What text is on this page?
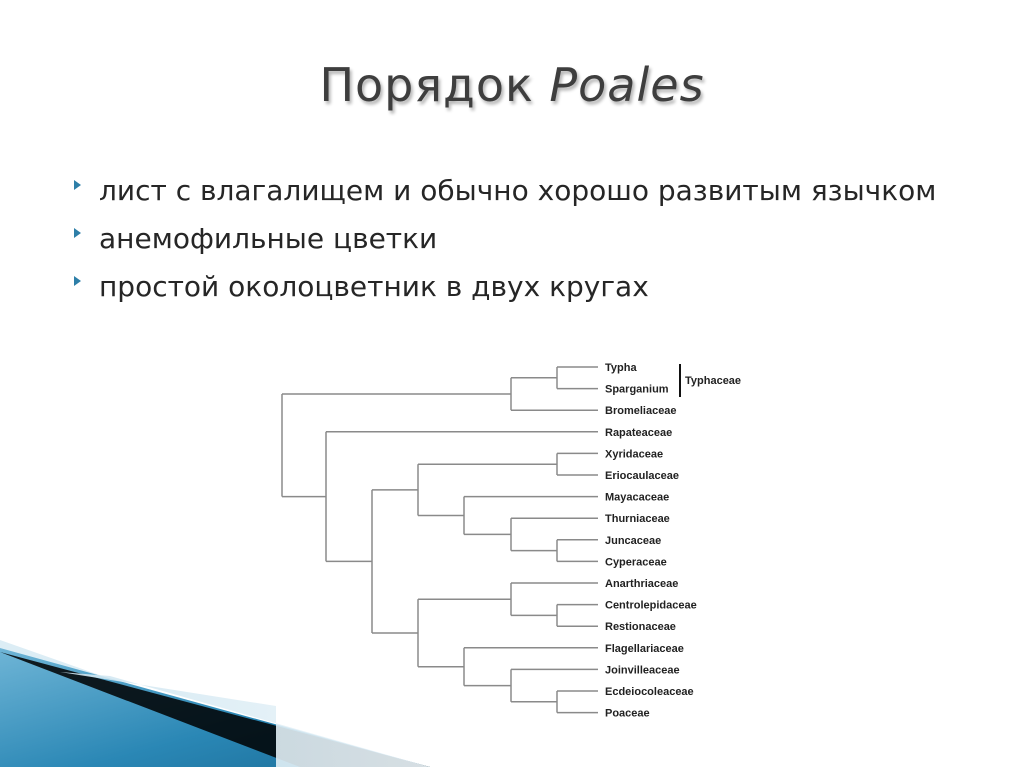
Порядок Poales
лист с влагалищем и обычно хорошо развитым язычком
анемофильные цветки
простой околоцветник в двух кругах
Typha
Sparganium
Bromeliaceae
Rapateaceae
Xyridaceae
Eriocaulaceae
Mayacaceae
Thurniaceae
Juncaceae
Cyperaceae
Anarthriaceae
Centrolepidaceae
Restionaceae
Flagellariaceae
Joinvilleaceae
Ecdeiocoleaceae
Poaceae
Typhaceae
